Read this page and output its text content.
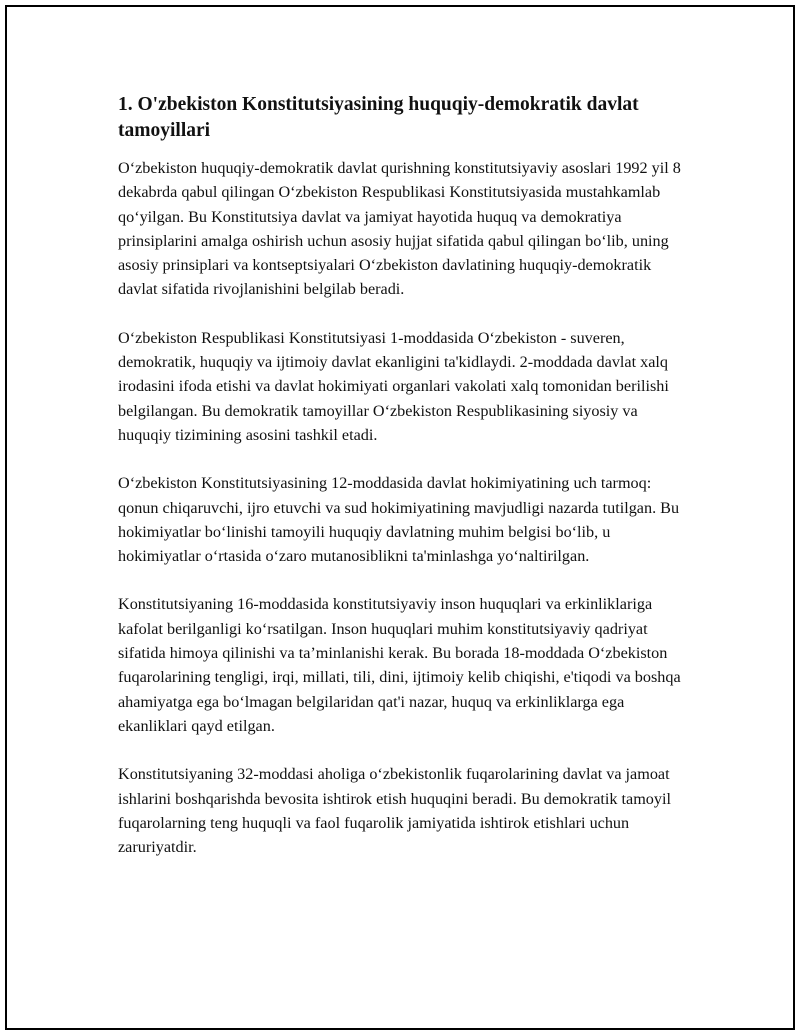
1. O'zbekiston Konstitutsiyasining huquqiy-demokratik davlat tamoyillari

O‘zbekiston huquqiy-demokratik davlat qurishning konstitutsiyaviy asoslari 1992 yil 8 dekabrda qabul qilingan O‘zbekiston Respublikasi Konstitutsiyasida mustahkamlab qo‘yilgan. Bu Konstitutsiya davlat va jamiyat hayotida huquq va demokratiya prinsiplarini amalga oshirish uchun asosiy hujjat sifatida qabul qilingan bo‘lib, uning asosiy prinsiplari va kontseptsiyalari O‘zbekiston davlatining huquqiy-demokratik davlat sifatida rivojlanishini belgilab beradi.

O‘zbekiston Respublikasi Konstitutsiyasi 1-moddasida O‘zbekiston - suveren, demokratik, huquqiy va ijtimoiy davlat ekanligini ta'kidlaydi. 2-moddada davlat xalq irodasini ifoda etishi va davlat hokimiyati organlari vakolati xalq tomonidan berilishi belgilangan. Bu demokratik tamoyillar O‘zbekiston Respublikasining siyosiy va huquqiy tizimining asosini tashkil etadi.

O‘zbekiston Konstitutsiyasining 12-moddasida davlat hokimiyatining uch tarmoq: qonun chiqaruvchi, ijro etuvchi va sud hokimiyatining mavjudligi nazarda tutilgan. Bu hokimiyatlar bo‘linishi tamoyili huquqiy davlatning muhim belgisi bo‘lib, u hokimiyatlar o‘rtasida o‘zaro mutanosiblikni ta'minlashga yo‘naltirilgan.

Konstitutsiyaning 16-moddasida konstitutsiyaviy inson huquqlari va erkinliklariga kafolat berilganligi ko‘rsatilgan. Inson huquqlari muhim konstitutsiyaviy qadriyat sifatida himoya qilinishi va ta’minlanishi kerak. Bu borada 18-moddada O‘zbekiston fuqarolarining tengligi, irqi, millati, tili, dini, ijtimoiy kelib chiqishi, e'tiqodi va boshqa ahamiyatga ega bo‘lmagan belgilaridan qat'i nazar, huquq va erkinliklarga ega ekanliklari qayd etilgan.

Konstitutsiyaning 32-moddasi aholiga o‘zbekistonlik fuqarolarining davlat va jamoat ishlarini boshqarishda bevosita ishtirok etish huquqini beradi. Bu demokratik tamoyil fuqarolarning teng huquqli va faol fuqarolik jamiyatida ishtirok etishlari uchun zaruriyatdir.
